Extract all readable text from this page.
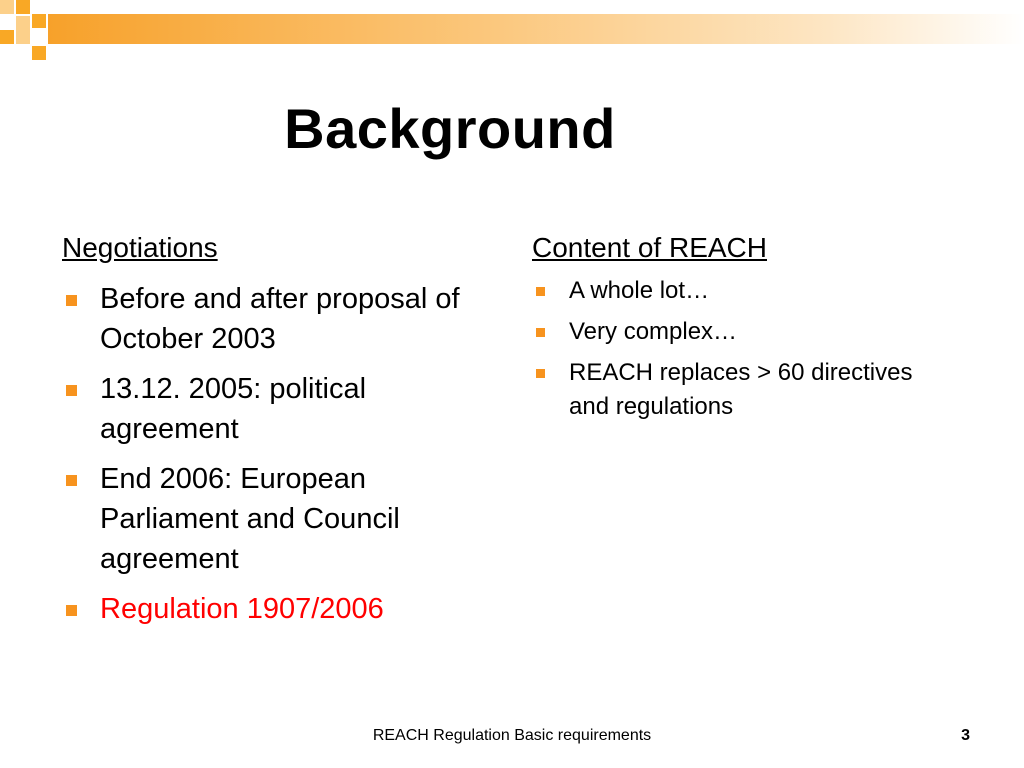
Background

Negotiations

Before and after proposal of October 2003
13.12. 2005: political agreement
End 2006: European Parliament and Council agreement
Regulation 1907/2006

Content of REACH

A whole lot…
Very complex…
REACH replaces > 60 directives and regulations
REACH Regulation Basic requirements	3
